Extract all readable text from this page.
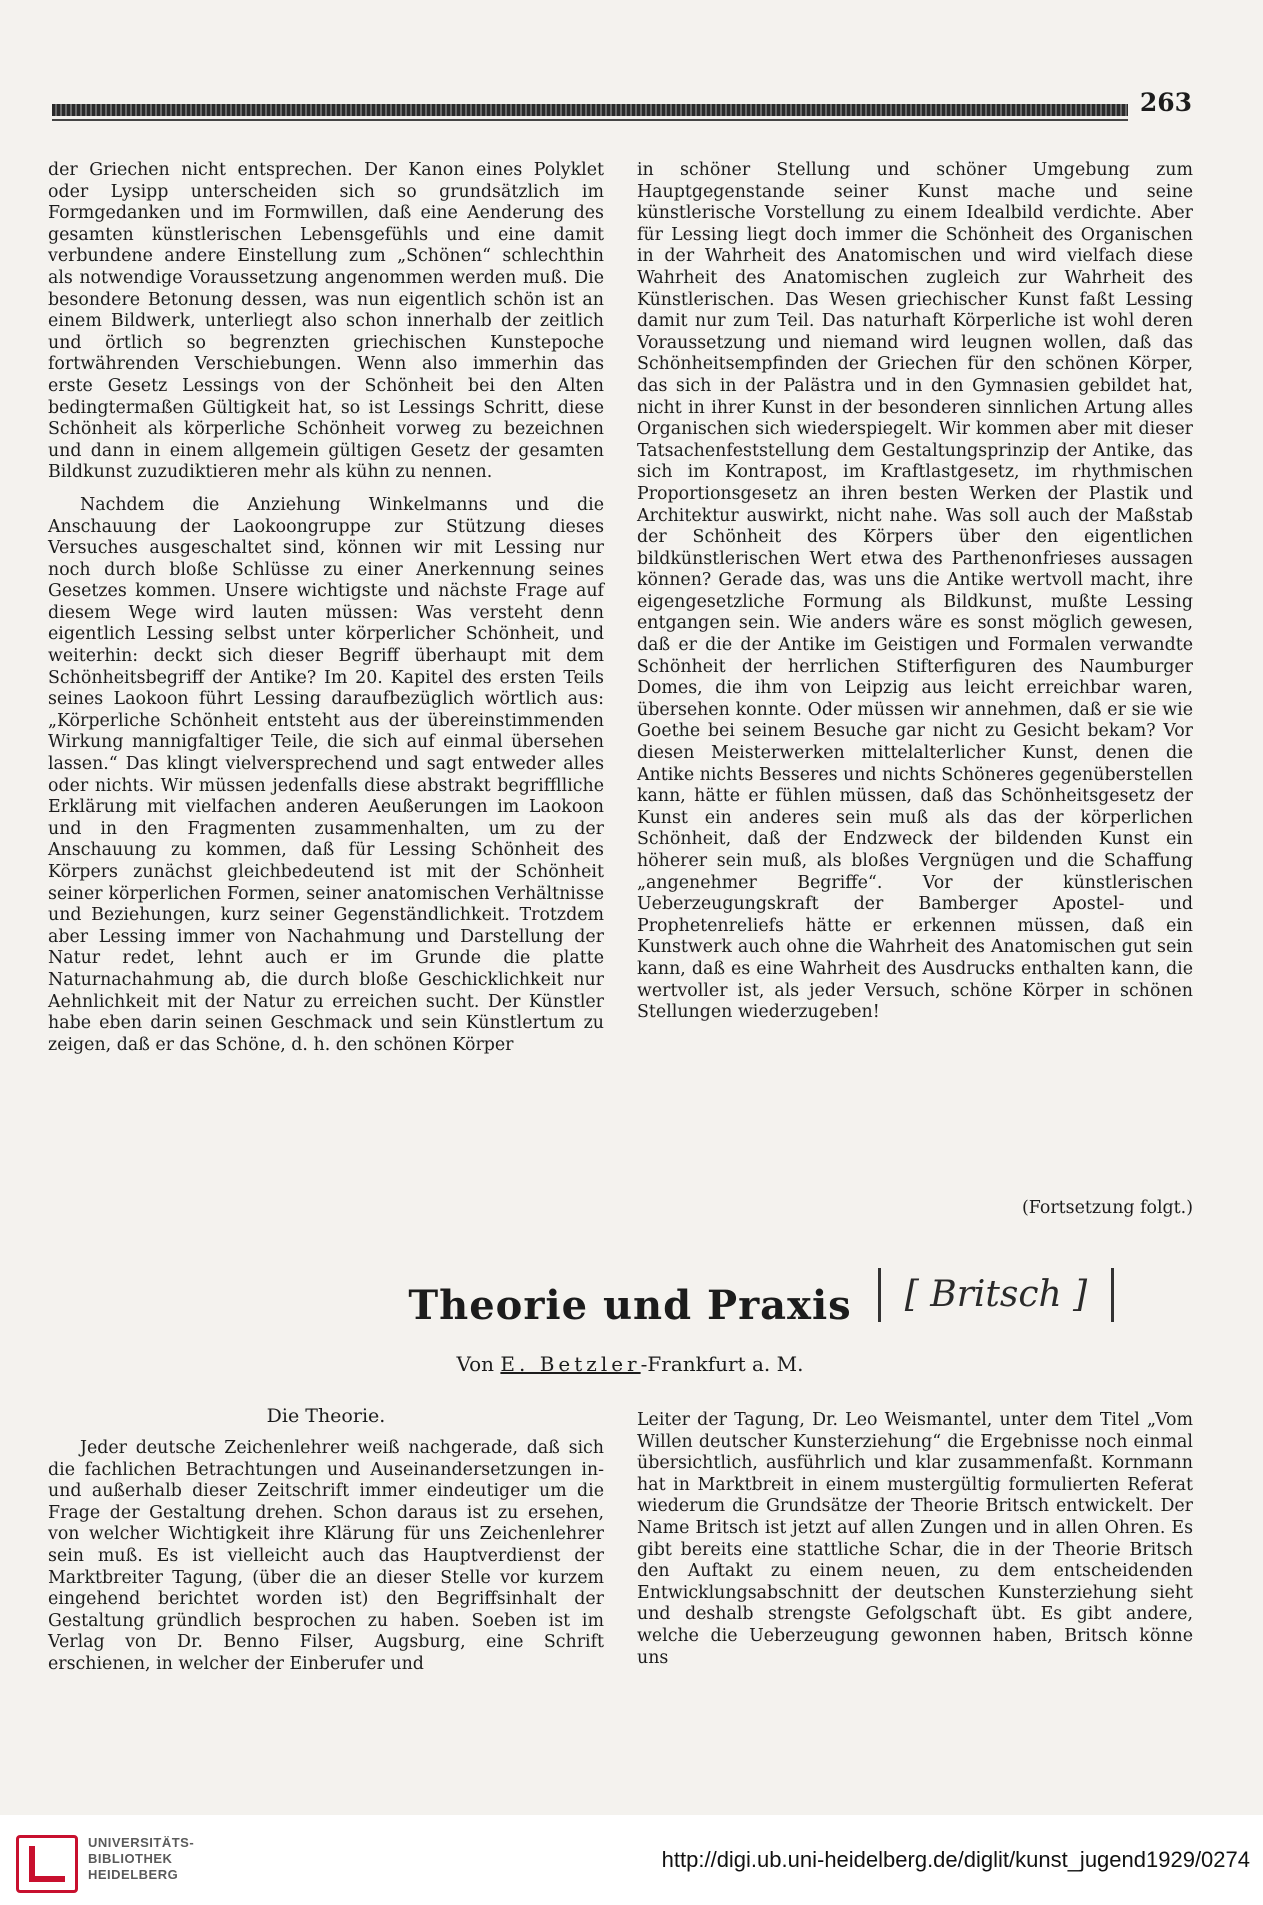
263

der Griechen nicht entsprechen. Der Kanon eines Polyklet oder Lysipp unterscheiden sich so grundsätzlich im Formgedanken und im Formwillen, daß eine Aenderung des gesamten künstlerischen Lebensgefühls und eine damit verbundene andere Einstellung zum „Schönen“ schlechthin als notwendige Voraussetzung angenommen werden muß. Die besondere Betonung dessen, was nun eigentlich schön ist an einem Bildwerk, unterliegt also schon innerhalb der zeitlich und örtlich so begrenzten griechischen Kunstepoche fortwährenden Verschiebungen. Wenn also immerhin das erste Gesetz Lessings von der Schönheit bei den Alten bedingtermaßen Gültigkeit hat, so ist Lessings Schritt, diese Schönheit als körperliche Schönheit vorweg zu bezeichnen und dann in einem allgemein gültigen Gesetz der gesamten Bildkunst zuzudiktieren mehr als kühn zu nennen.

Nachdem die Anziehung Winkelmanns und die Anschauung der Laokoongruppe zur Stützung dieses Versuches ausgeschaltet sind, können wir mit Lessing nur noch durch bloße Schlüsse zu einer Anerkennung seines Gesetzes kommen. Unsere wichtigste und nächste Frage auf diesem Wege wird lauten müssen: Was versteht denn eigentlich Lessing selbst unter körperlicher Schönheit, und weiterhin: deckt sich dieser Begriff überhaupt mit dem Schönheitsbegriff der Antike? Im 20. Kapitel des ersten Teils seines Laokoon führt Lessing daraufbezüglich wörtlich aus: „Körperliche Schönheit entsteht aus der übereinstimmenden Wirkung mannigfaltiger Teile, die sich auf einmal übersehen lassen.“ Das klingt vielversprechend und sagt entweder alles oder nichts. Wir müssen jedenfalls diese abstrakt begrifflliche Erklärung mit vielfachen anderen Aeußerungen im Laokoon und in den Fragmenten zusammenhalten, um zu der Anschauung zu kommen, daß für Lessing Schönheit des Körpers zunächst gleichbedeutend ist mit der Schönheit seiner körperlichen Formen, seiner anatomischen Verhältnisse und Beziehungen, kurz seiner Gegenständlichkeit. Trotzdem aber Lessing immer von Nachahmung und Darstellung der Natur redet, lehnt auch er im Grunde die platte Naturnachahmung ab, die durch bloße Geschicklichkeit nur Aehnlichkeit mit der Natur zu erreichen sucht. Der Künstler habe eben darin seinen Geschmack und sein Künstlertum zu zeigen, daß er das Schöne, d. h. den schönen Körper

in schöner Stellung und schöner Umgebung zum Hauptgegenstande seiner Kunst mache und seine künstlerische Vorstellung zu einem Idealbild verdichte. Aber für Lessing liegt doch immer die Schönheit des Organischen in der Wahrheit des Anatomischen und wird vielfach diese Wahrheit des Anatomischen zugleich zur Wahrheit des Künstlerischen. Das Wesen griechischer Kunst faßt Lessing damit nur zum Teil. Das naturhaft Körperliche ist wohl deren Voraussetzung und niemand wird leugnen wollen, daß das Schönheitsempfinden der Griechen für den schönen Körper, das sich in der Palästra und in den Gymnasien gebildet hat, nicht in ihrer Kunst in der besonderen sinnlichen Artung alles Organischen sich wiederspiegelt. Wir kommen aber mit dieser Tatsachenfeststellung dem Gestaltungsprinzip der Antike, das sich im Kontrapost, im Kraftlastgesetz, im rhythmischen Proportionsgesetz an ihren besten Werken der Plastik und Architektur auswirkt, nicht nahe. Was soll auch der Maßstab der Schönheit des Körpers über den eigentlichen bildkünstlerischen Wert etwa des Parthenonfrieses aussagen können? Gerade das, was uns die Antike wertvoll macht, ihre eigengesetzliche Formung als Bildkunst, mußte Lessing entgangen sein. Wie anders wäre es sonst möglich gewesen, daß er die der Antike im Geistigen und Formalen verwandte Schönheit der herrlichen Stifterfiguren des Naumburger Domes, die ihm von Leipzig aus leicht erreichbar waren, übersehen konnte. Oder müssen wir annehmen, daß er sie wie Goethe bei seinem Besuche gar nicht zu Gesicht bekam? Vor diesen Meisterwerken mittelalterlicher Kunst, denen die Antike nichts Besseres und nichts Schöneres gegenüberstellen kann, hätte er fühlen müssen, daß das Schönheitsgesetz der Kunst ein anderes sein muß als das der körperlichen Schönheit, daß der Endzweck der bildenden Kunst ein höherer sein muß, als bloßes Vergnügen und die Schaffung „angenehmer Begriffe“. Vor der künstlerischen Ueberzeugungskraft der Bamberger Apostel- und Prophetenreliefs hätte er erkennen müssen, daß ein Kunstwerk auch ohne die Wahrheit des Anatomischen gut sein kann, daß es eine Wahrheit des Ausdrucks enthalten kann, die wertvoller ist, als jeder Versuch, schöne Körper in schönen Stellungen wiederzugeben!

(Fortsetzung folgt.)
Theorie und Praxis	[ Britsch ]
Von E. Betzler-Frankfurt a. M.
Die Theorie.

Jeder deutsche Zeichenlehrer weiß nachgerade, daß sich die fachlichen Betrachtungen und Auseinandersetzungen in- und außerhalb dieser Zeitschrift immer eindeutiger um die Frage der Gestaltung drehen. Schon daraus ist zu ersehen, von welcher Wichtigkeit ihre Klärung für uns Zeichenlehrer sein muß. Es ist vielleicht auch das Hauptverdienst der Marktbreiter Tagung, (über die an dieser Stelle vor kurzem eingehend berichtet worden ist) den Begriffsinhalt der Gestaltung gründlich besprochen zu haben. Soeben ist im Verlag von Dr. Benno Filser, Augsburg, eine Schrift erschienen, in welcher der Einberufer und

Leiter der Tagung, Dr. Leo Weismantel, unter dem Titel „Vom Willen deutscher Kunsterziehung“ die Ergebnisse noch einmal übersichtlich, ausführlich und klar zusammenfaßt. Kornmann hat in Marktbreit in einem mustergültig formulierten Referat wiederum die Grundsätze der Theorie Britsch entwickelt. Der Name Britsch ist jetzt auf allen Zungen und in allen Ohren. Es gibt bereits eine stattliche Schar, die in der Theorie Britsch den Auftakt zu einem neuen, zu dem entscheidenden Entwicklungsabschnitt der deutschen Kunsterziehung sieht und deshalb strengste Gefolgschaft übt. Es gibt andere, welche die Ueberzeugung gewonnen haben, Britsch könne uns

UNIVERSITÄTS-
BIBLIOTHEK
HEIDELBERG
http://digi.ub.uni-heidelberg.de/diglit/kunst_jugend1929/0274
